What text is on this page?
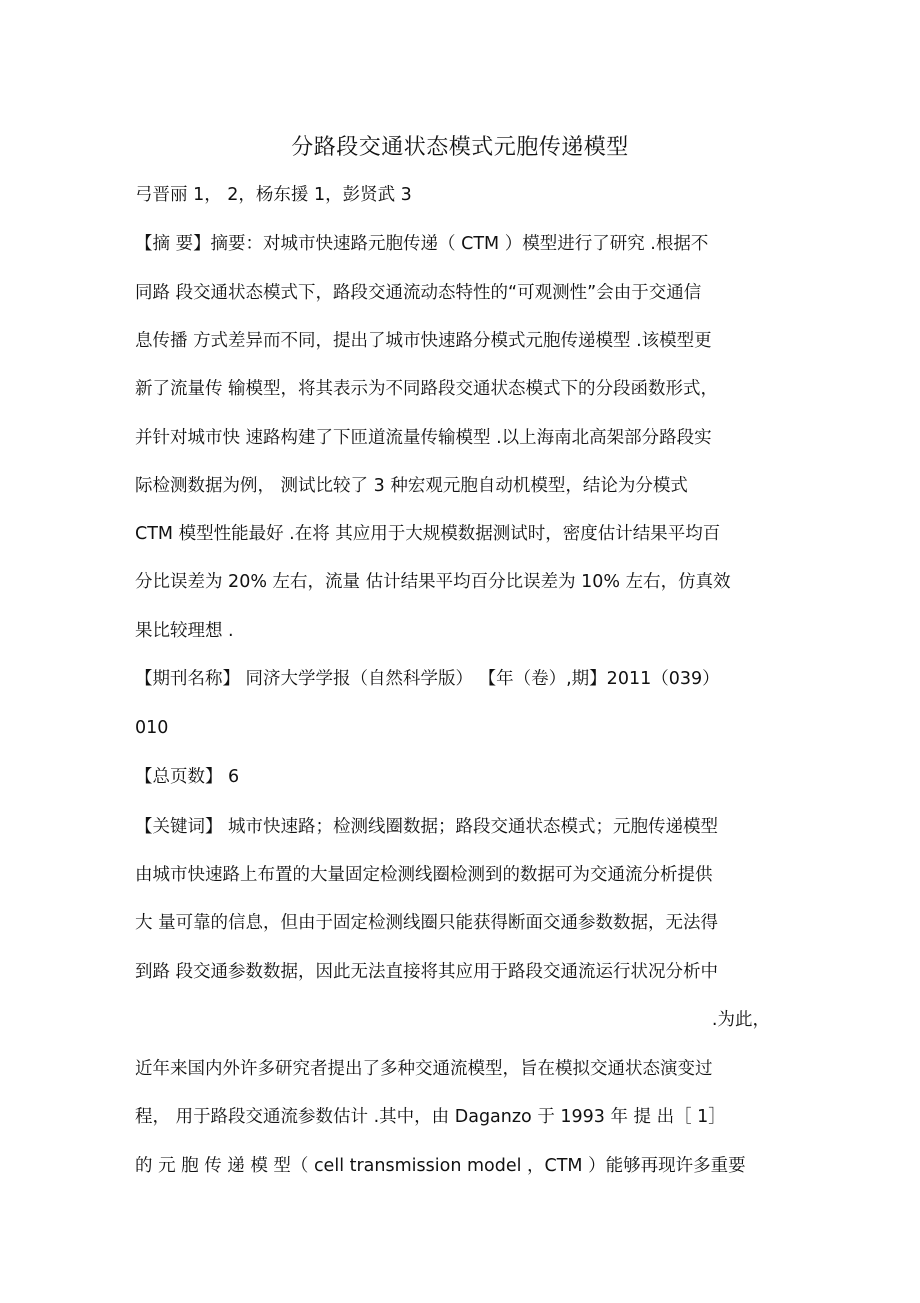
分路段交通状态模式元胞传递模型
弓晋丽 1， 2，杨东援 1，彭贤武 3
【摘 要】摘要：对城市快速路元胞传递（ CTM ）模型进行了研究 .根据不
同路 段交通状态模式下，路段交通流动态特性的“可观测性”会由于交通信
息传播 方式差异而不同，提出了城市快速路分模式元胞传递模型 .该模型更
新了流量传 输模型，将其表示为不同路段交通状态模式下的分段函数形式，
并针对城市快 速路构建了下匝道流量传输模型 .以上海南北高架部分路段实
际检测数据为例， 测试比较了 3 种宏观元胞自动机模型，结论为分模式
CTM 模型性能最好 .在将 其应用于大规模数据测试时，密度估计结果平均百
分比误差为 20% 左右，流量 估计结果平均百分比误差为 10% 左右，仿真效
果比较理想 .
【期刊名称】 同济大学学报（自然科学版） 【年（卷）,期】2011（039）
010
【总页数】 6
【关键词】 城市快速路；检测线圈数据；路段交通状态模式；元胞传递模型
由城市快速路上布置的大量固定检测线圈检测到的数据可为交通流分析提供
大 量可靠的信息，但由于固定检测线圈只能获得断面交通参数数据，无法得
到路 段交通参数数据，因此无法直接将其应用于路段交通流运行状况分析中
.为此，
近年来国内外许多研究者提出了多种交通流模型，旨在模拟交通状态演变过
程， 用于路段交通流参数估计 .其中，由 Daganzo 于 1993 年 提 出［ 1］
的 元 胞 传 递 模 型（ cell transmission model ，CTM ）能够再现许多重要
